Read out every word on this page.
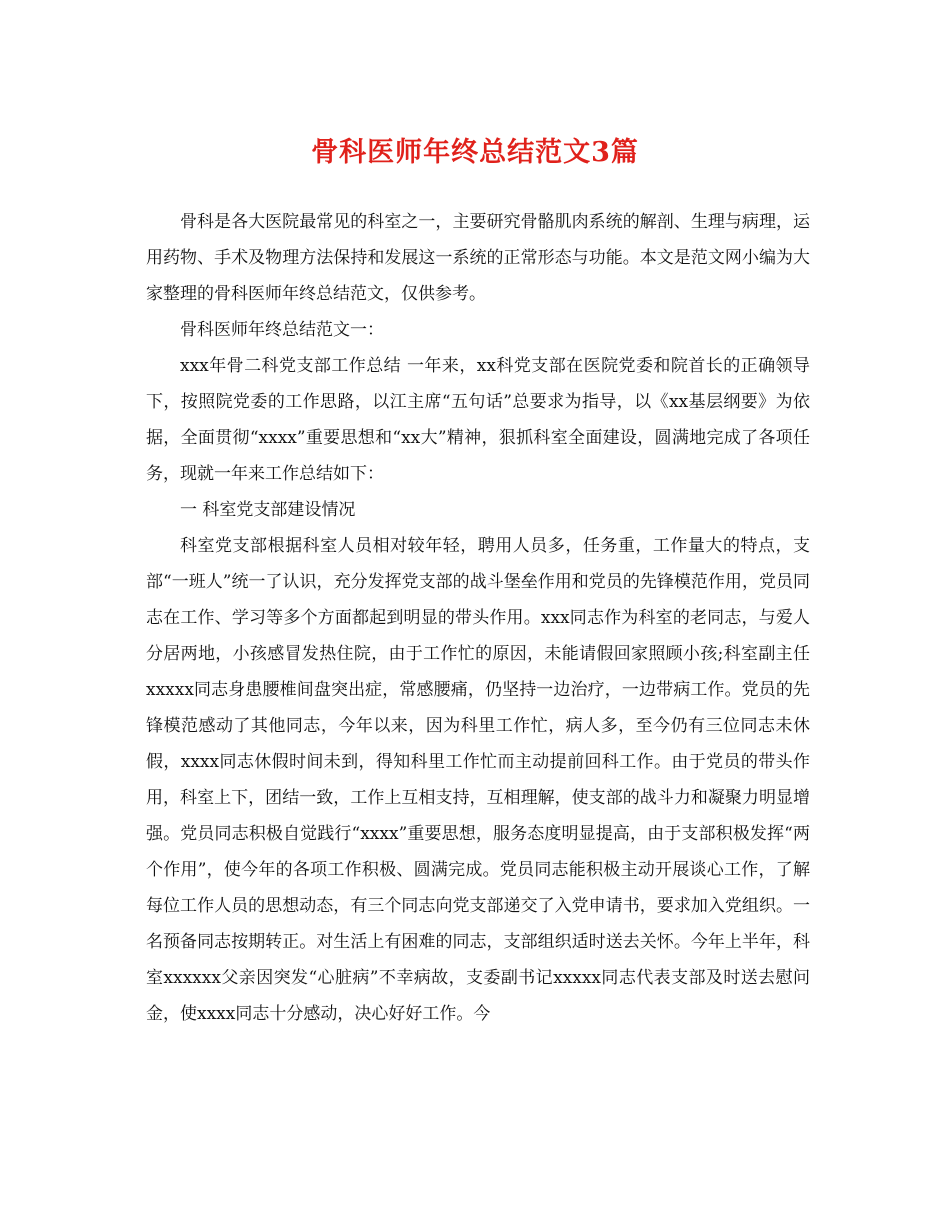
骨科医师年终总结范文3篇

骨科是各大医院最常见的科室之一，主要研究骨骼肌肉系统的解剖、生理与病理，运用药物、手术及物理方法保持和发展这一系统的正常形态与功能。本文是范文网小编为大家整理的骨科医师年终总结范文，仅供参考。

骨科医师年终总结范文一：

xxx年骨二科党支部工作总结 一年来，xx科党支部在医院党委和院首长的正确领导下，按照院党委的工作思路，以江主席“五句话”总要求为指导，以《xx基层纲要》为依据，全面贯彻“xxxx”重要思想和“xx大”精神，狠抓科室全面建设，圆满地完成了各项任务，现就一年来工作总结如下：

一 科室党支部建设情况

科室党支部根据科室人员相对较年轻，聘用人员多，任务重，工作量大的特点，支部“一班人”统一了认识，充分发挥党支部的战斗堡垒作用和党员的先锋模范作用，党员同志在工作、学习等多个方面都起到明显的带头作用。xxx同志作为科室的老同志，与爱人分居两地，小孩感冒发热住院，由于工作忙的原因，未能请假回家照顾小孩;科室副主任xxxxx同志身患腰椎间盘突出症，常感腰痛，仍坚持一边治疗，一边带病工作。党员的先锋模范感动了其他同志，今年以来，因为科里工作忙，病人多，至今仍有三位同志未休假，xxxx同志休假时间未到，得知科里工作忙而主动提前回科工作。由于党员的带头作用，科室上下，团结一致，工作上互相支持，互相理解，使支部的战斗力和凝聚力明显增强。党员同志积极自觉践行“xxxx”重要思想，服务态度明显提高，由于支部积极发挥“两个作用”，使今年的各项工作积极、圆满完成。党员同志能积极主动开展谈心工作，了解每位工作人员的思想动态，有三个同志向党支部递交了入党申请书，要求加入党组织。一名预备同志按期转正。对生活上有困难的同志，支部组织适时送去关怀。今年上半年，科室xxxxxx父亲因突发“心脏病”不幸病故，支委副书记xxxxx同志代表支部及时送去慰问金，使xxxx同志十分感动，决心好好工作。今
